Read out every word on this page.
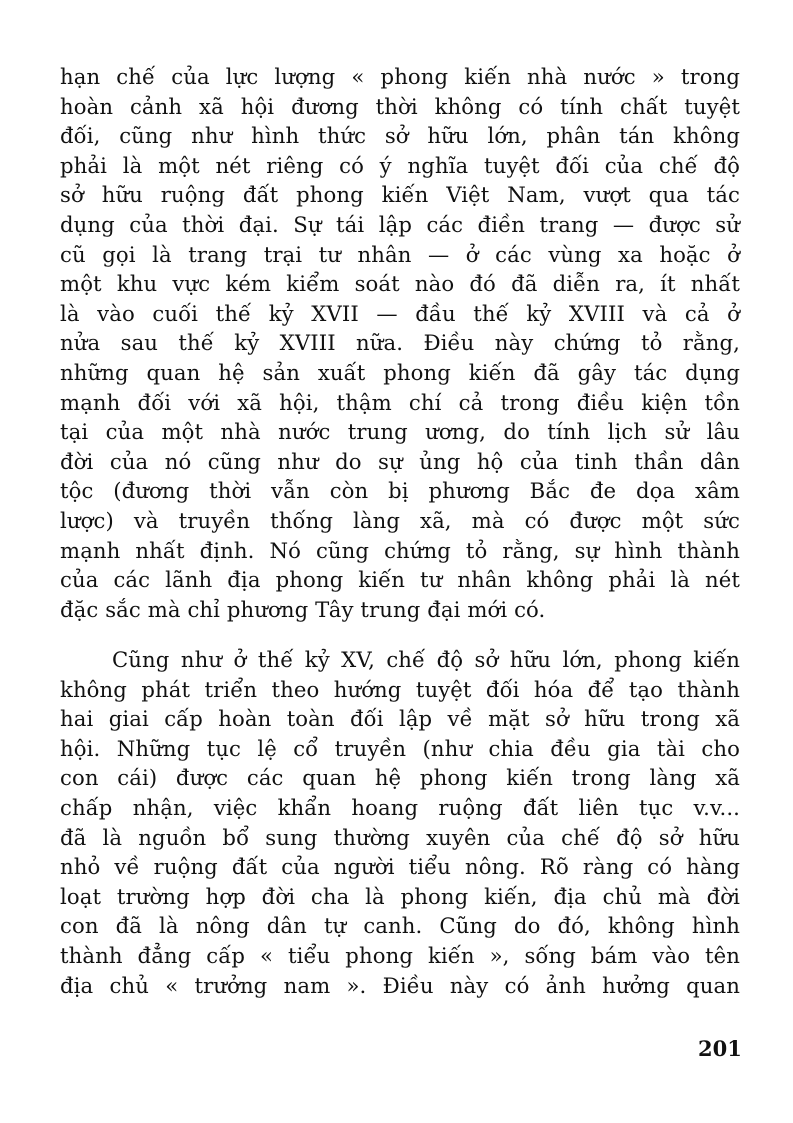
hạn chế của lực lượng « phong kiến nhà nước » trong
hoàn cảnh xã hội đương thời không có tính chất tuyệt
đối, cũng như hình thức sở hữu lớn, phân tán không
phải là một nét riêng có ý nghĩa tuyệt đối của chế độ
sở hữu ruộng đất phong kiến Việt Nam, vượt qua tác
dụng của thời đại. Sự tái lập các điền trang — được sử
cũ gọi là trang trại tư nhân — ở các vùng xa hoặc ở
một khu vực kém kiểm soát nào đó đã diễn ra, ít nhất
là vào cuối thế kỷ XVII — đầu thế kỷ XVIII và cả ở
nửa sau thế kỷ XVIII nữa. Điều này chứng tỏ rằng,
những quan hệ sản xuất phong kiến đã gây tác dụng
mạnh đối với xã hội, thậm chí cả trong điều kiện tồn
tại của một nhà nước trung ương, do tính lịch sử lâu
đời của nó cũng như do sự ủng hộ của tinh thần dân
tộc (đương thời vẫn còn bị phương Bắc đe dọa xâm
lược) và truyền thống làng xã, mà có được một sức
mạnh nhất định. Nó cũng chứng tỏ rằng, sự hình thành
của các lãnh địa phong kiến tư nhân không phải là nét
đặc sắc mà chỉ phương Tây trung đại mới có.
Cũng như ở thế kỷ XV, chế độ sở hữu lớn, phong kiến
không phát triển theo hướng tuyệt đối hóa để tạo thành
hai giai cấp hoàn toàn đối lập về mặt sở hữu trong xã
hội. Những tục lệ cổ truyền (như chia đều gia tài cho
con cái) được các quan hệ phong kiến trong làng xã
chấp nhận, việc khẩn hoang ruộng đất liên tục v.v...
đã là nguồn bổ sung thường xuyên của chế độ sở hữu
nhỏ về ruộng đất của người tiểu nông. Rõ ràng có hàng
loạt trường hợp đời cha là phong kiến, địa chủ mà đời
con đã là nông dân tự canh. Cũng do đó, không hình
thành đẳng cấp « tiểu phong kiến », sống bám vào tên
địa chủ « trưởng nam ». Điều này có ảnh hưởng quan
201
